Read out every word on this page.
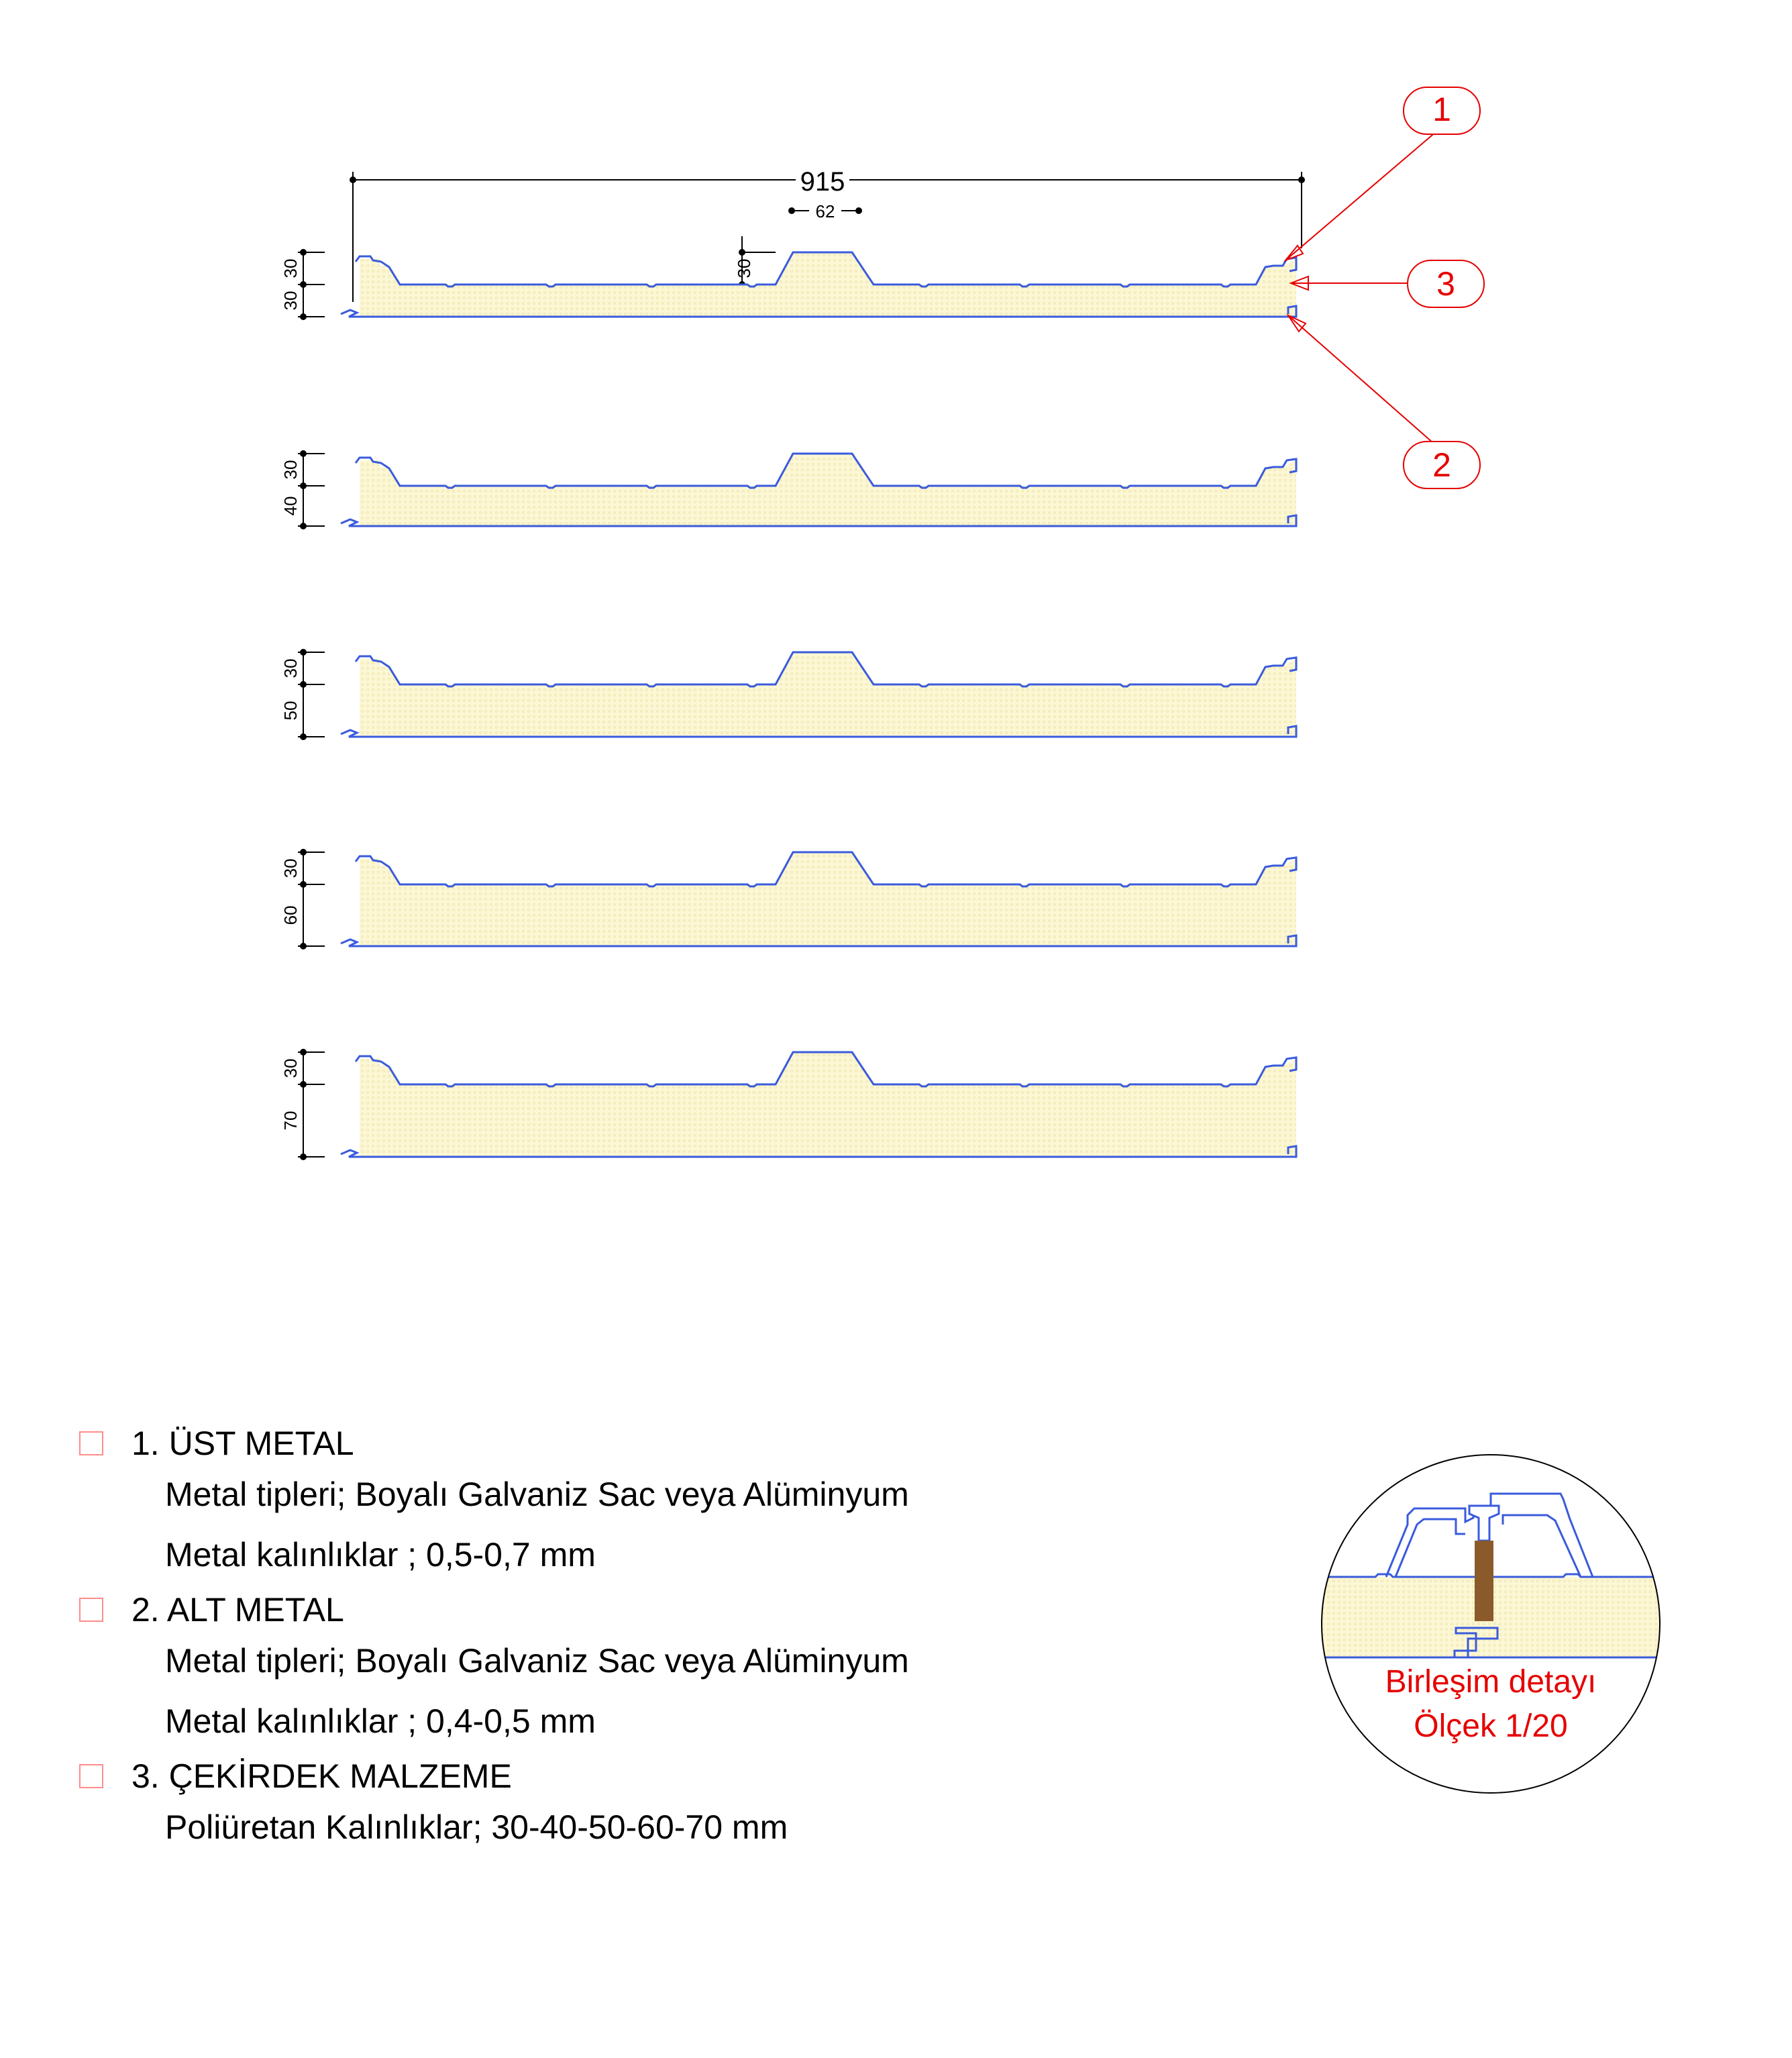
915
62
30
30
30
30
40
30
50
30
60
30
70
1
3
2
Birleşim detayı
Ölçek 1/20
1. ÜST METAL
Metal tipleri; Boyalı Galvaniz Sac veya Alüminyum
Metal kalınlıklar ; 0,5-0,7 mm
2. ALT METAL
Metal tipleri; Boyalı Galvaniz Sac veya Alüminyum
Metal kalınlıklar ; 0,4-0,5 mm
3. ÇEKİRDEK MALZEME
Poliüretan Kalınlıklar; 30-40-50-60-70 mm
